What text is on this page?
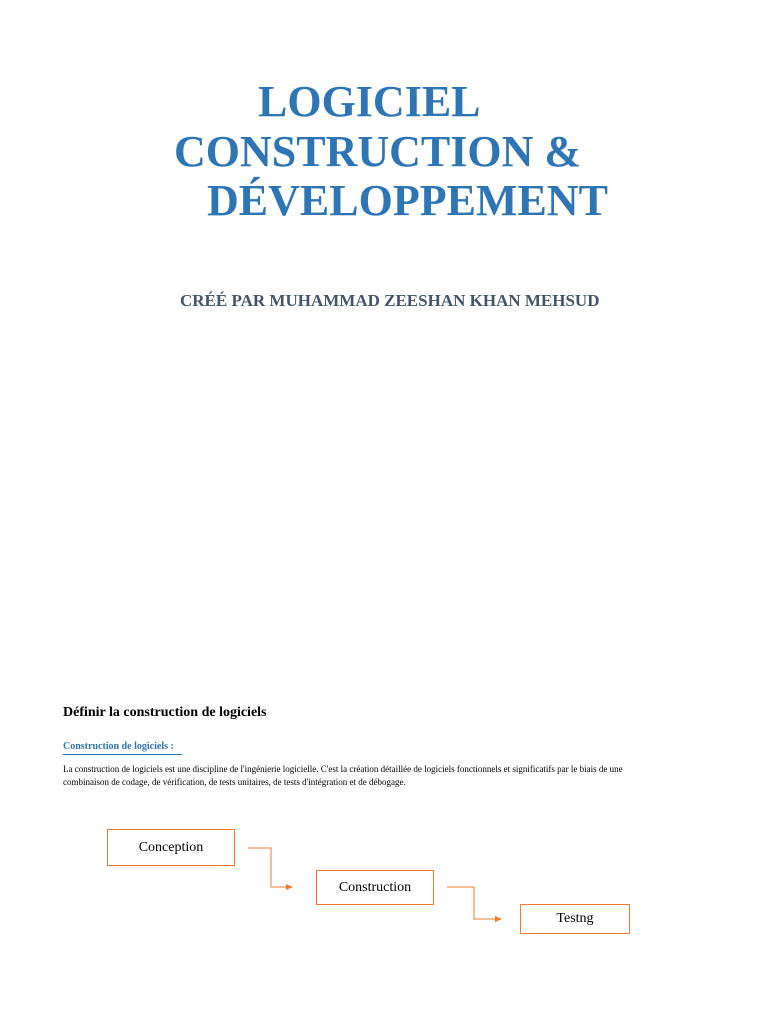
LOGICIEL
CONSTRUCTION &
DÉVELOPPEMENT
CRÉÉ PAR MUHAMMAD ZEESHAN KHAN MEHSUD
Définir la construction de logiciels
Construction de logiciels :
La construction de logiciels est une discipline de l'ingénierie logicielle. C'est la création détaillée de logiciels fonctionnels et significatifs par le biais de une combinaison de codage, de vérification, de tests unitaires, de tests d'intégration et de débogage.
Conception
Construction
Testng
